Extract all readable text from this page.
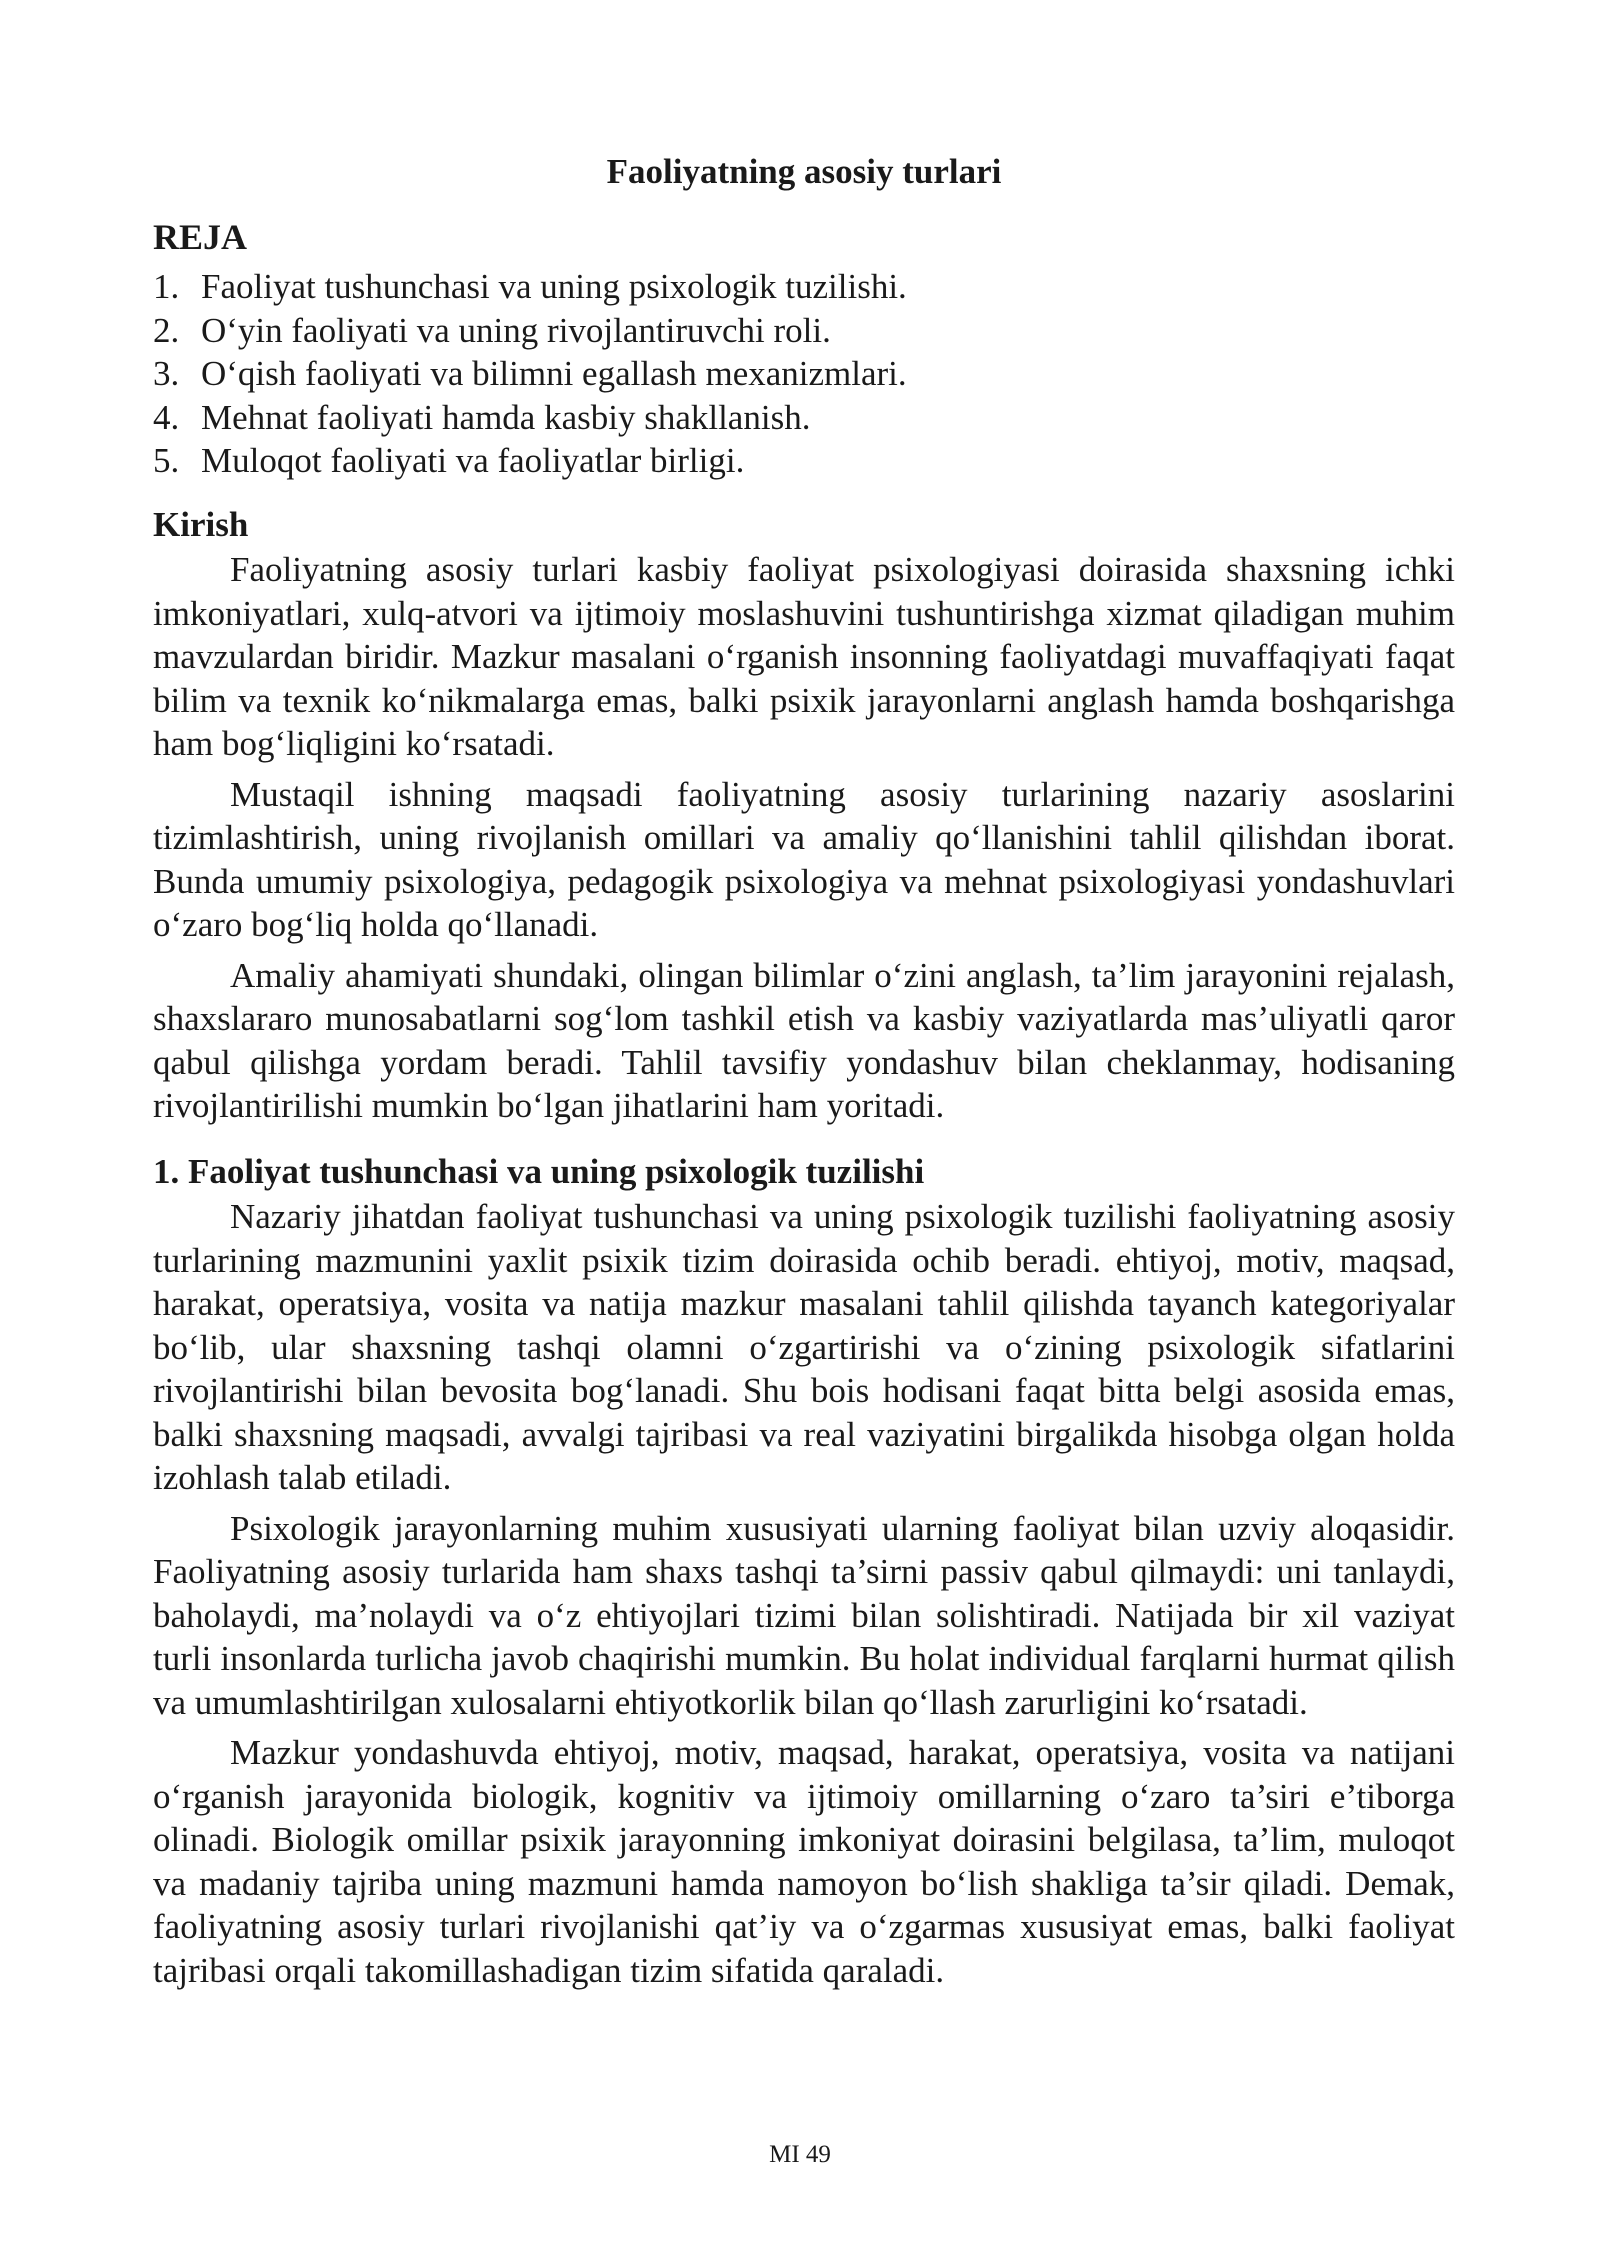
Faoliyatning asosiy turlari
REJA
1. Faoliyat tushunchasi va uning psixologik tuzilishi.
2. O‘yin faoliyati va uning rivojlantiruvchi roli.
3. O‘qish faoliyati va bilimni egallash mexanizmlari.
4. Mehnat faoliyati hamda kasbiy shakllanish.
5. Muloqot faoliyati va faoliyatlar birligi.
Kirish

Faoliyatning asosiy turlari kasbiy faoliyat psixologiyasi doirasida shaxsning ichki imkoniyatlari, xulq-atvori va ijtimoiy moslashuvini tushuntirishga xizmat qiladigan muhim mavzulardan biridir. Mazkur masalani o‘rganish insonning faoliyatdagi muvaffaqiyati faqat bilim va texnik ko‘nikmalarga emas, balki psixik jarayonlarni anglash hamda boshqarishga ham bog‘liqligini ko‘rsatadi.

Mustaqil ishning maqsadi faoliyatning asosiy turlarining nazariy asoslarini tizimlashtirish, uning rivojlanish omillari va amaliy qo‘llanishini tahlil qilishdan iborat. Bunda umumiy psixologiya, pedagogik psixologiya va mehnat psixologiyasi yondashuvlari o‘zaro bog‘liq holda qo‘llanadi.

Amaliy ahamiyati shundaki, olingan bilimlar o‘zini anglash, ta’lim jarayonini rejalash, shaxslararo munosabatlarni sog‘lom tashkil etish va kasbiy vaziyatlarda mas’uliyatli qaror qabul qilishga yordam beradi. Tahlil tavsifiy yondashuv bilan cheklanmay, hodisaning rivojlantirilishi mumkin bo‘lgan jihatlarini ham yoritadi.

1. Faoliyat tushunchasi va uning psixologik tuzilishi

Nazariy jihatdan faoliyat tushunchasi va uning psixologik tuzilishi faoliyatning asosiy turlarining mazmunini yaxlit psixik tizim doirasida ochib beradi. ehtiyoj, motiv, maqsad, harakat, operatsiya, vosita va natija mazkur masalani tahlil qilishda tayanch kategoriyalar bo‘lib, ular shaxsning tashqi olamni o‘zgartirishi va o‘zining psixologik sifatlarini rivojlantirishi bilan bevosita bog‘lanadi. Shu bois hodisani faqat bitta belgi asosida emas, balki shaxsning maqsadi, avvalgi tajribasi va real vaziyatini birgalikda hisobga olgan holda izohlash talab etiladi.

Psixologik jarayonlarning muhim xususiyati ularning faoliyat bilan uzviy aloqasidir. Faoliyatning asosiy turlarida ham shaxs tashqi ta’sirni passiv qabul qilmaydi: uni tanlaydi, baholaydi, ma’nolaydi va o‘z ehtiyojlari tizimi bilan solishtiradi. Natijada bir xil vaziyat turli insonlarda turlicha javob chaqirishi mumkin. Bu holat individual farqlarni hurmat qilish va umumlashtirilgan xulosalarni ehtiyotkorlik bilan qo‘llash zarurligini ko‘rsatadi.

Mazkur yondashuvda ehtiyoj, motiv, maqsad, harakat, operatsiya, vosita va natijani o‘rganish jarayonida biologik, kognitiv va ijtimoiy omillarning o‘zaro ta’siri e’tiborga olinadi. Biologik omillar psixik jarayonning imkoniyat doirasini belgilasa, ta’lim, muloqot va madaniy tajriba uning mazmuni hamda namoyon bo‘lish shakliga ta’sir qiladi. Demak, faoliyatning asosiy turlari rivojlanishi qat’iy va o‘zgarmas xususiyat emas, balki faoliyat tajribasi orqali takomillashadigan tizim sifatida qaraladi.

MI 49
